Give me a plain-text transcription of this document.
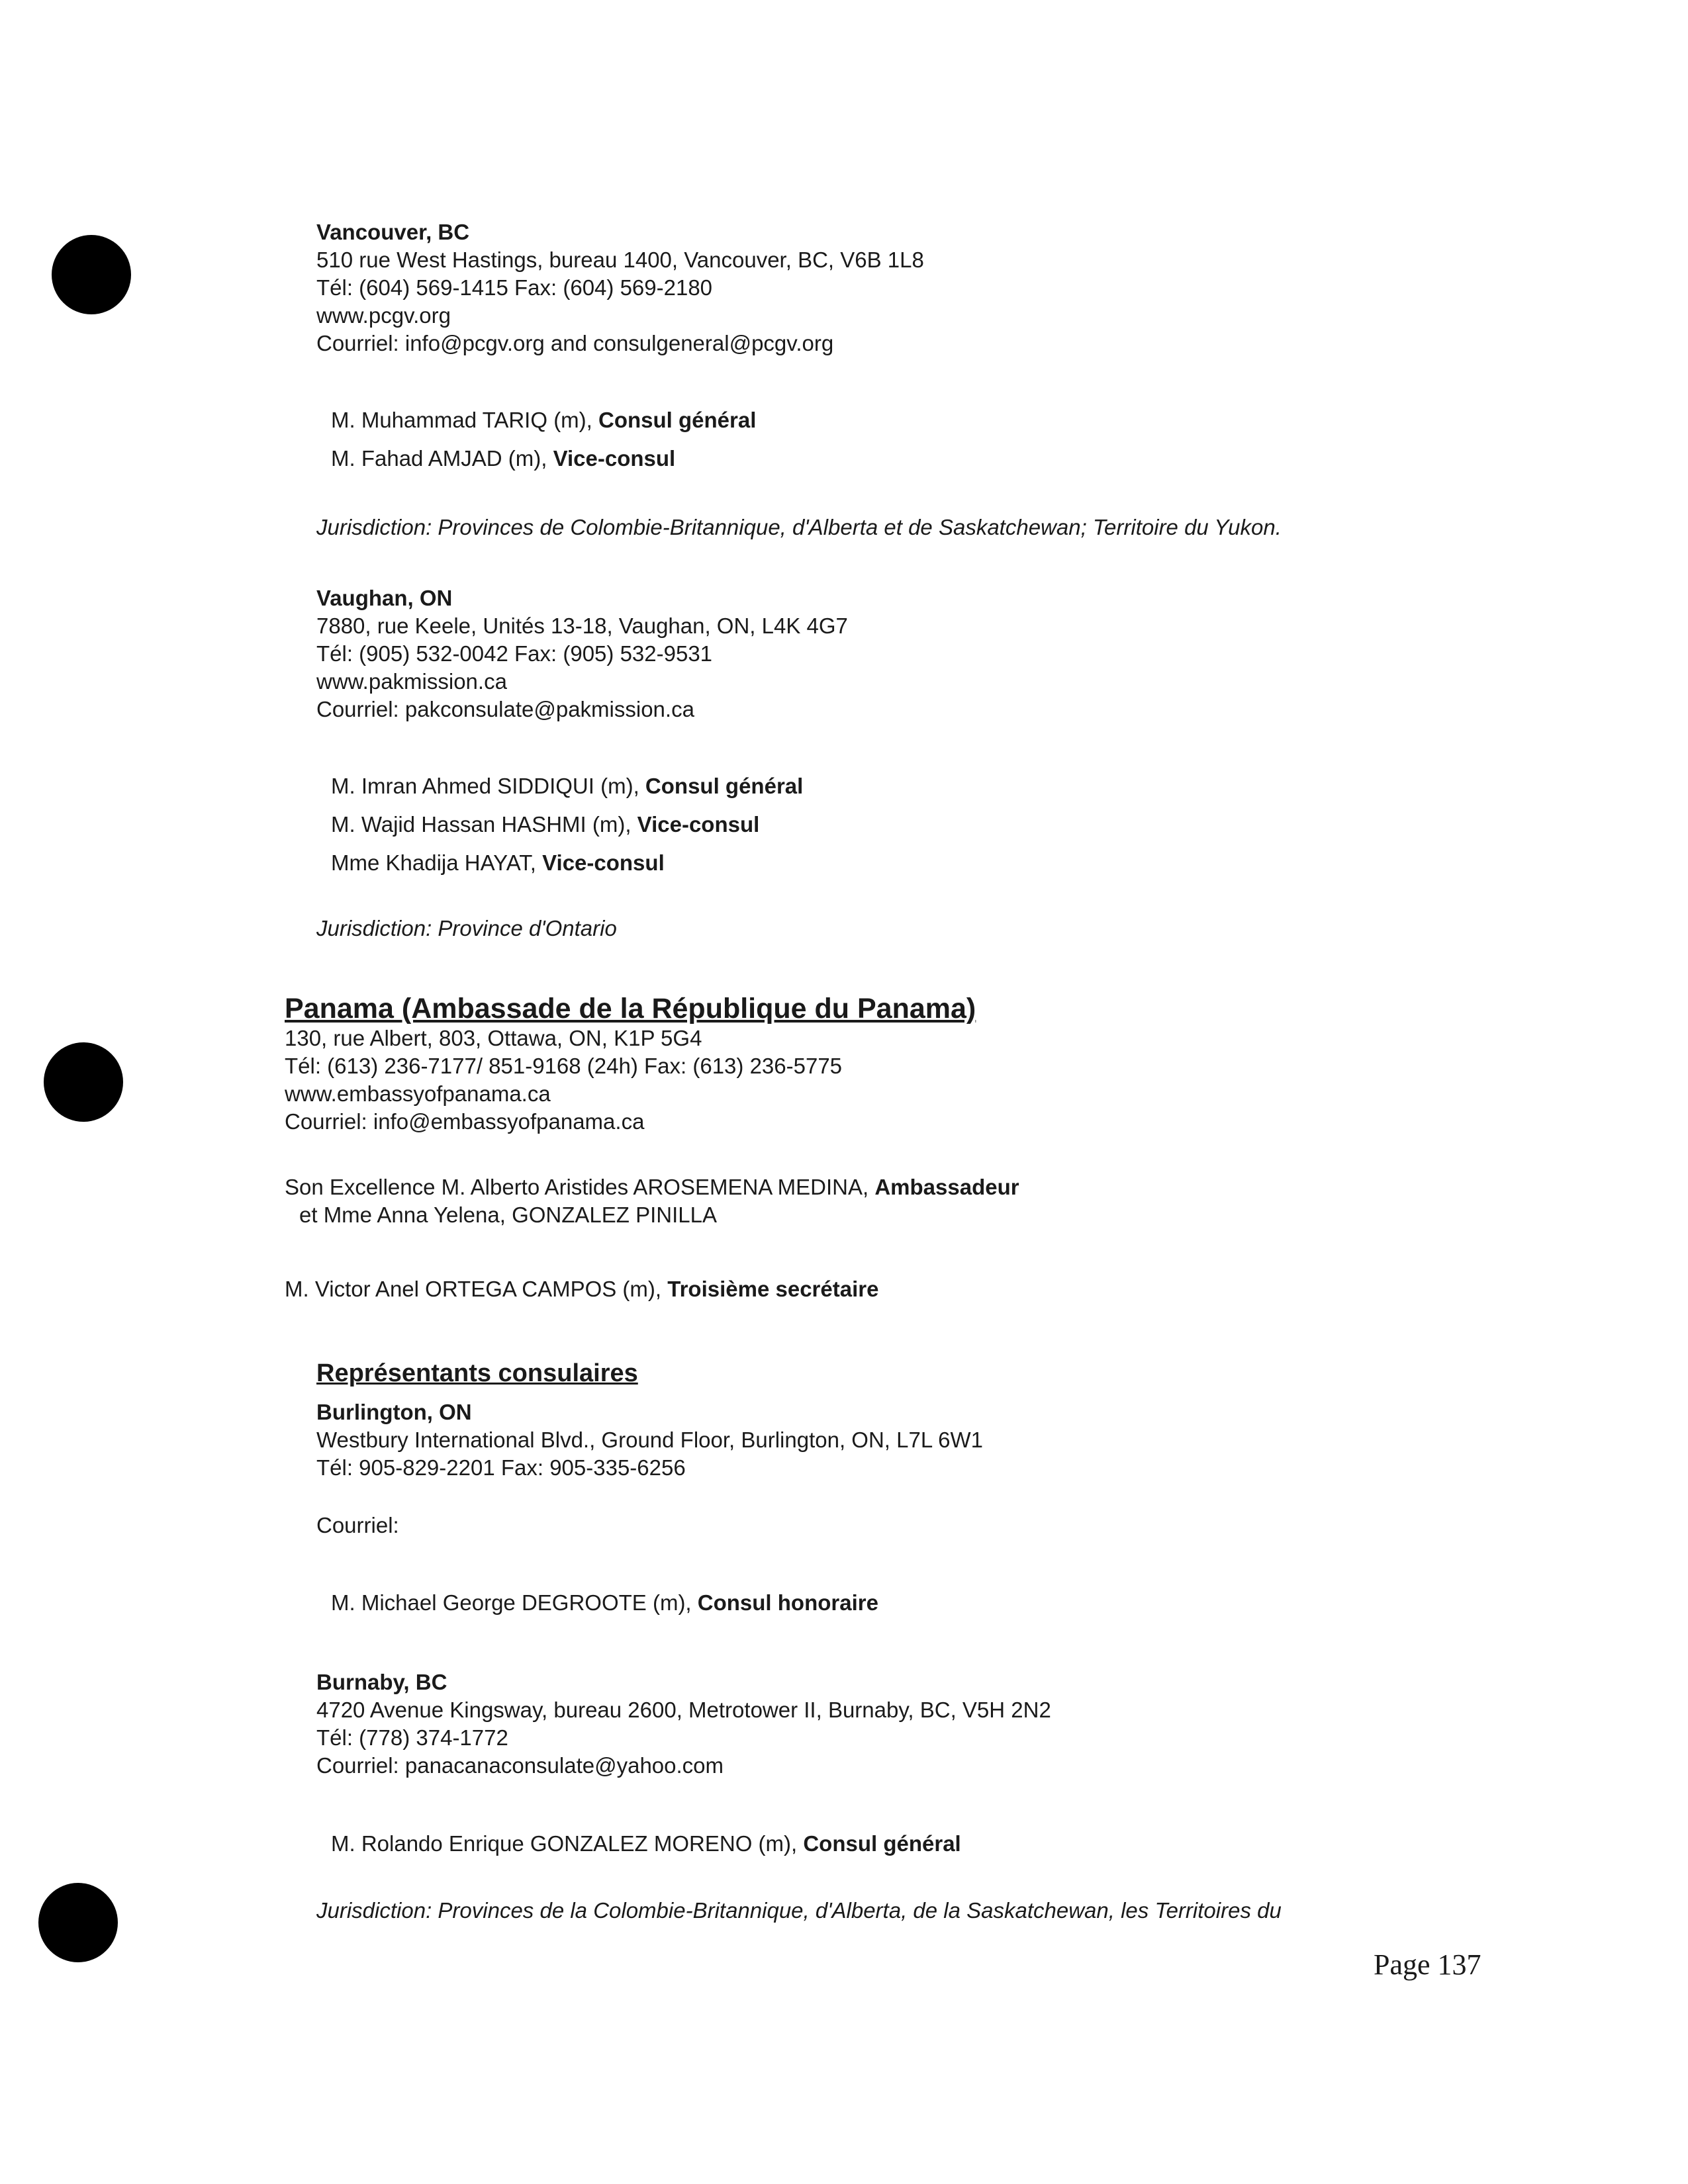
Vancouver, BC
510 rue West Hastings, bureau 1400, Vancouver, BC, V6B 1L8
Tél: (604) 569-1415 Fax: (604) 569-2180
www.pcgv.org
Courriel: info@pcgv.org and consulgeneral@pcgv.org
M. Muhammad TARIQ (m), Consul général
M. Fahad AMJAD (m), Vice-consul
Jurisdiction: Provinces de Colombie-Britannique, d'Alberta et de Saskatchewan; Territoire du Yukon.
Vaughan, ON
7880, rue Keele, Unités 13-18, Vaughan, ON, L4K 4G7
Tél: (905) 532-0042 Fax: (905) 532-9531
www.pakmission.ca
Courriel: pakconsulate@pakmission.ca
M. Imran Ahmed SIDDIQUI (m), Consul général
M. Wajid Hassan HASHMI (m), Vice-consul
Mme Khadija HAYAT, Vice-consul
Jurisdiction: Province d'Ontario
Panama (Ambassade de la République du Panama)
130, rue Albert, 803, Ottawa, ON, K1P 5G4
Tél: (613) 236-7177/ 851-9168 (24h) Fax: (613) 236-5775
www.embassyofpanama.ca
Courriel: info@embassyofpanama.ca
Son Excellence M. Alberto Aristides AROSEMENA MEDINA, Ambassadeur
et Mme Anna Yelena, GONZALEZ PINILLA
M. Victor Anel ORTEGA CAMPOS (m), Troisième secrétaire
Représentants consulaires
Burlington, ON
Westbury International Blvd., Ground Floor, Burlington, ON, L7L 6W1
Tél: 905-829-2201 Fax: 905-335-6256
Courriel:
M. Michael George DEGROOTE (m), Consul honoraire
Burnaby, BC
4720 Avenue Kingsway, bureau 2600, Metrotower II, Burnaby, BC, V5H 2N2
Tél: (778) 374-1772
Courriel: panacanaconsulate@yahoo.com
M. Rolando Enrique GONZALEZ MORENO (m), Consul général
Jurisdiction: Provinces de la Colombie-Britannique, d'Alberta, de la Saskatchewan, les Territoires du
Page 137
